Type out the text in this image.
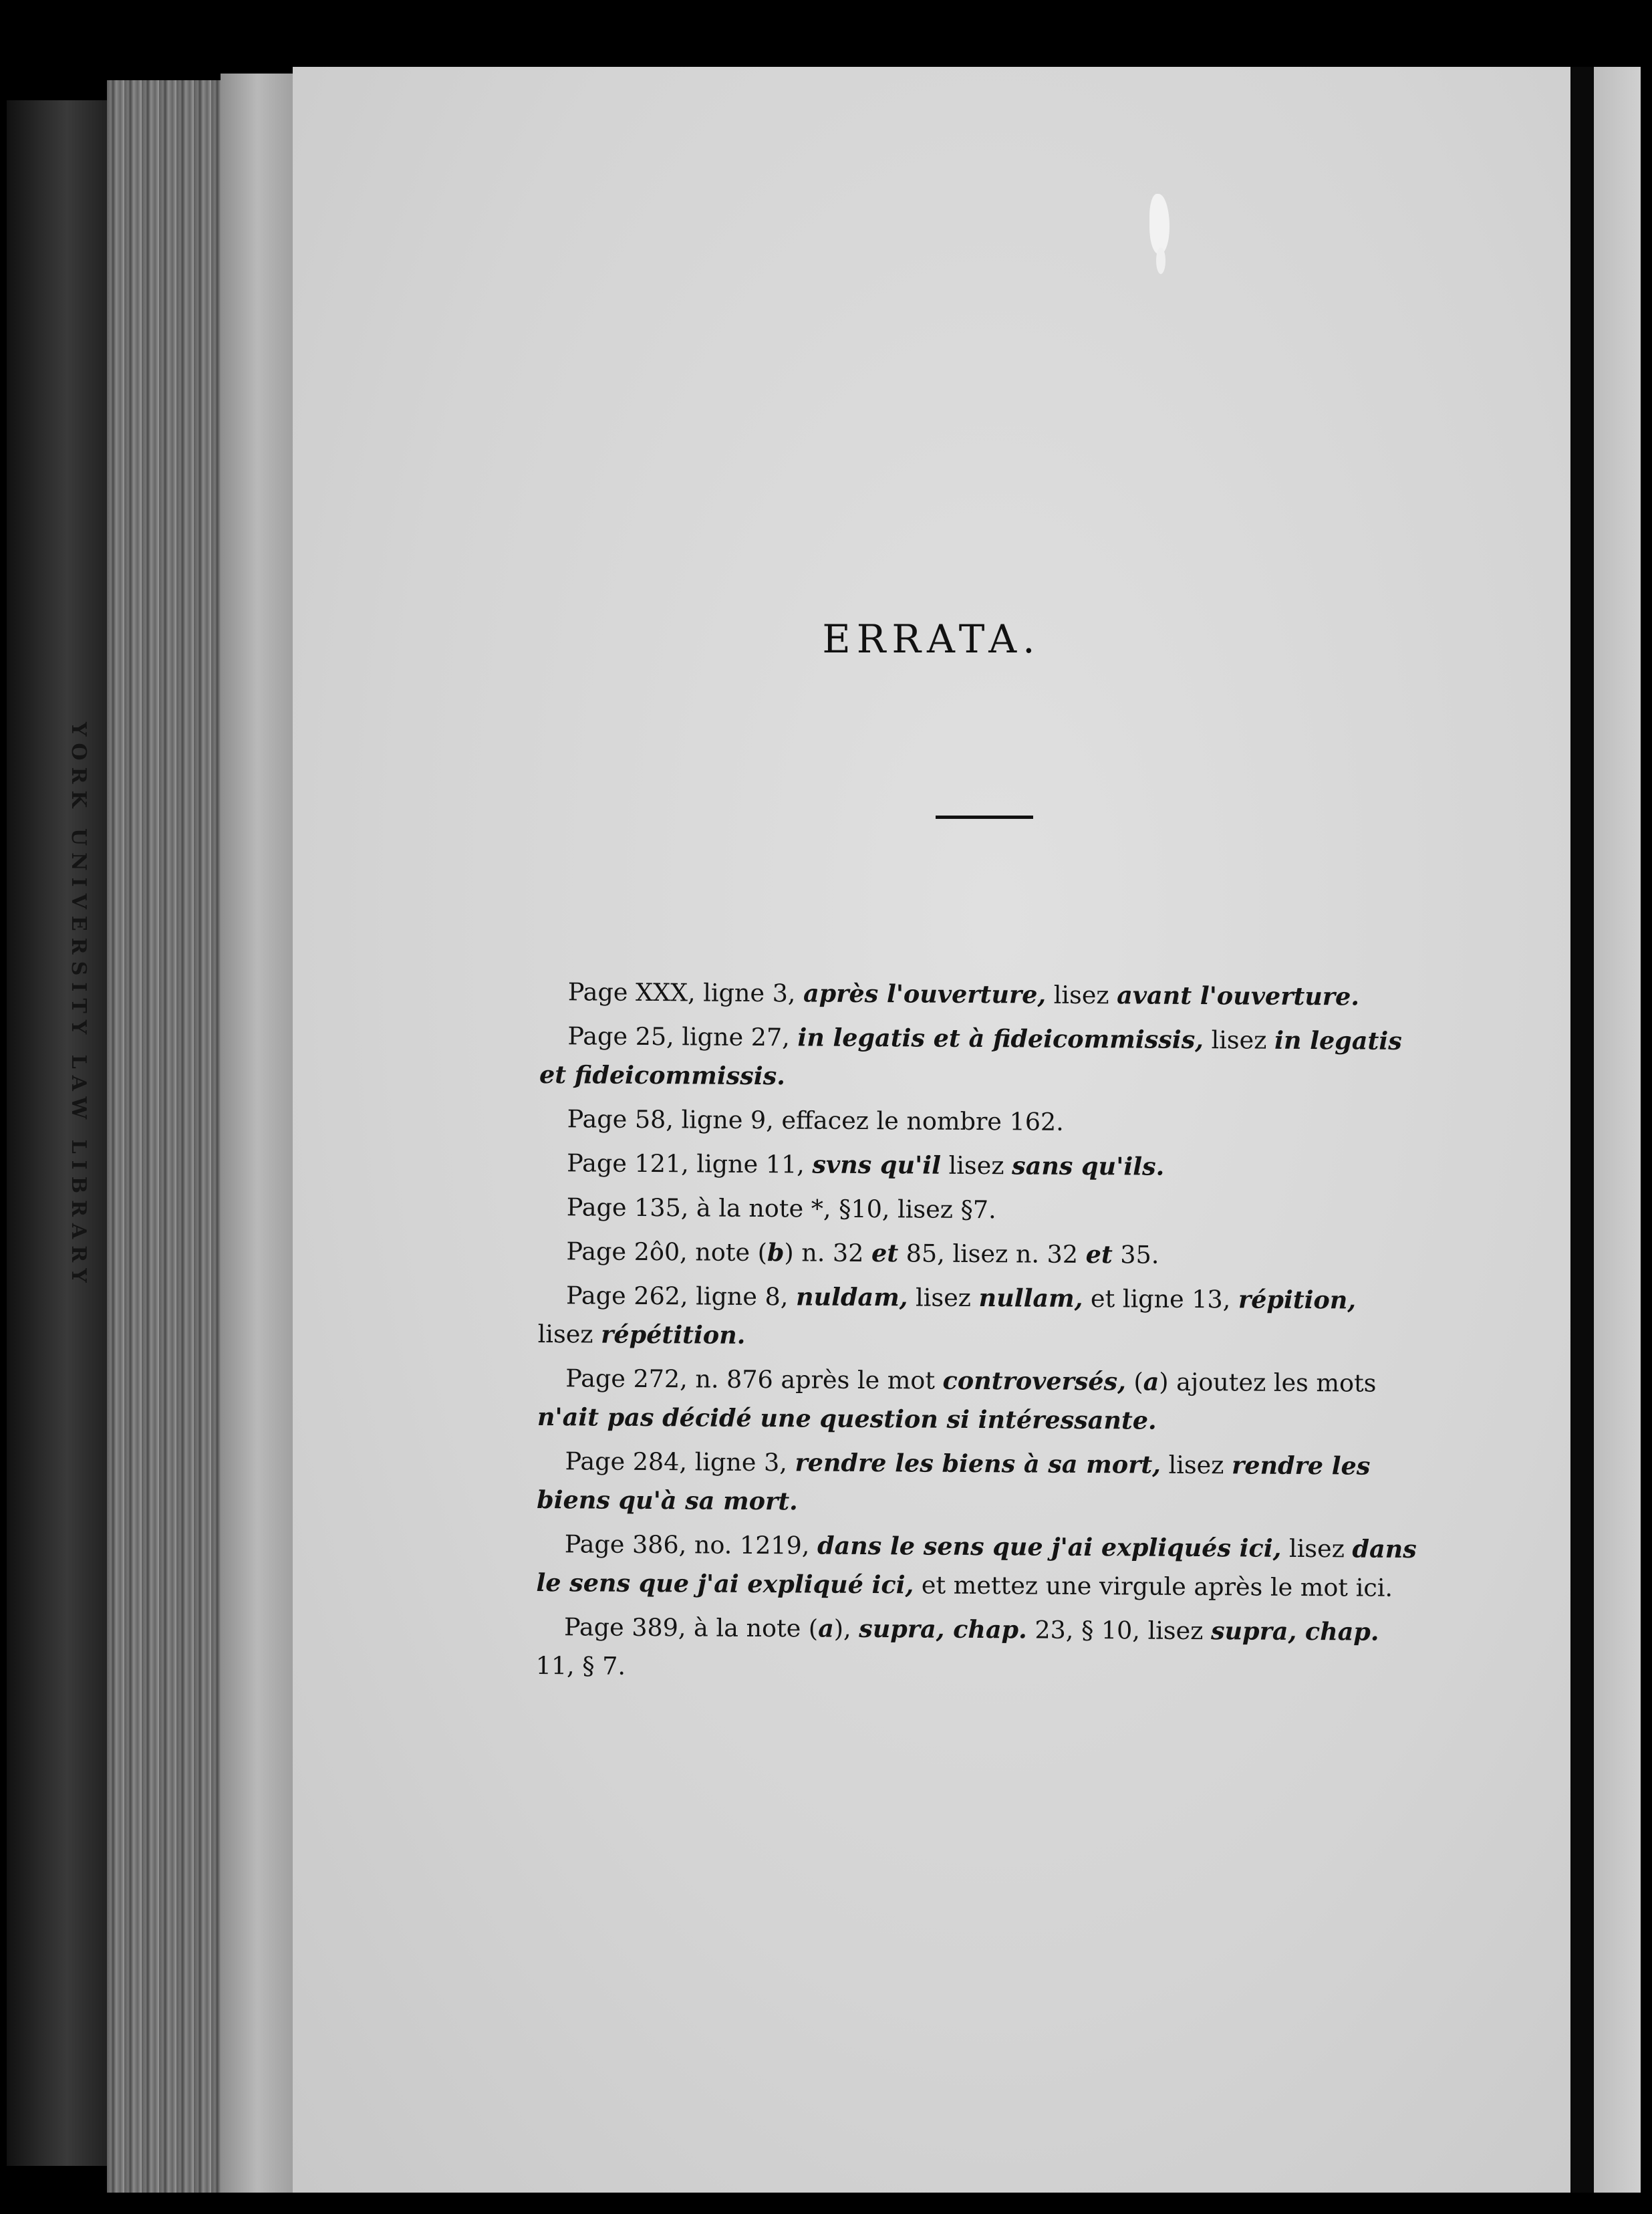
YORK UNIVERSITY LAW LIBRARY
ERRATA.
Page XXX, ligne 3, après l'ouverture, lisez avant l'ouverture.
Page 25, ligne 27, in legatis et à fideicommissis, lisez in legatis
et fideicommissis.
Page 58, ligne 9, effacez le nombre 162.
Page 121, ligne 11, svns qu'il lisez sans qu'ils.
Page 135, à la note *, §10, lisez §7.
Page 2ô0, note (b) n. 32 et 85, lisez n. 32 et 35.
Page 262, ligne 8, nuldam, lisez nullam, et ligne 13, répition,
lisez répétition.
Page 272, n. 876 après le mot controversés, (a) ajoutez les mots
n'ait pas décidé une question si intéressante.
Page 284, ligne 3, rendre les biens à sa mort, lisez rendre les
biens qu'à sa mort.
Page 386, no. 1219, dans le sens que j'ai expliqués ici, lisez dans
le sens que j'ai expliqué ici, et mettez une virgule après le mot ici.
Page 389, à la note (a), supra, chap. 23, § 10, lisez supra, chap.
11, § 7.
